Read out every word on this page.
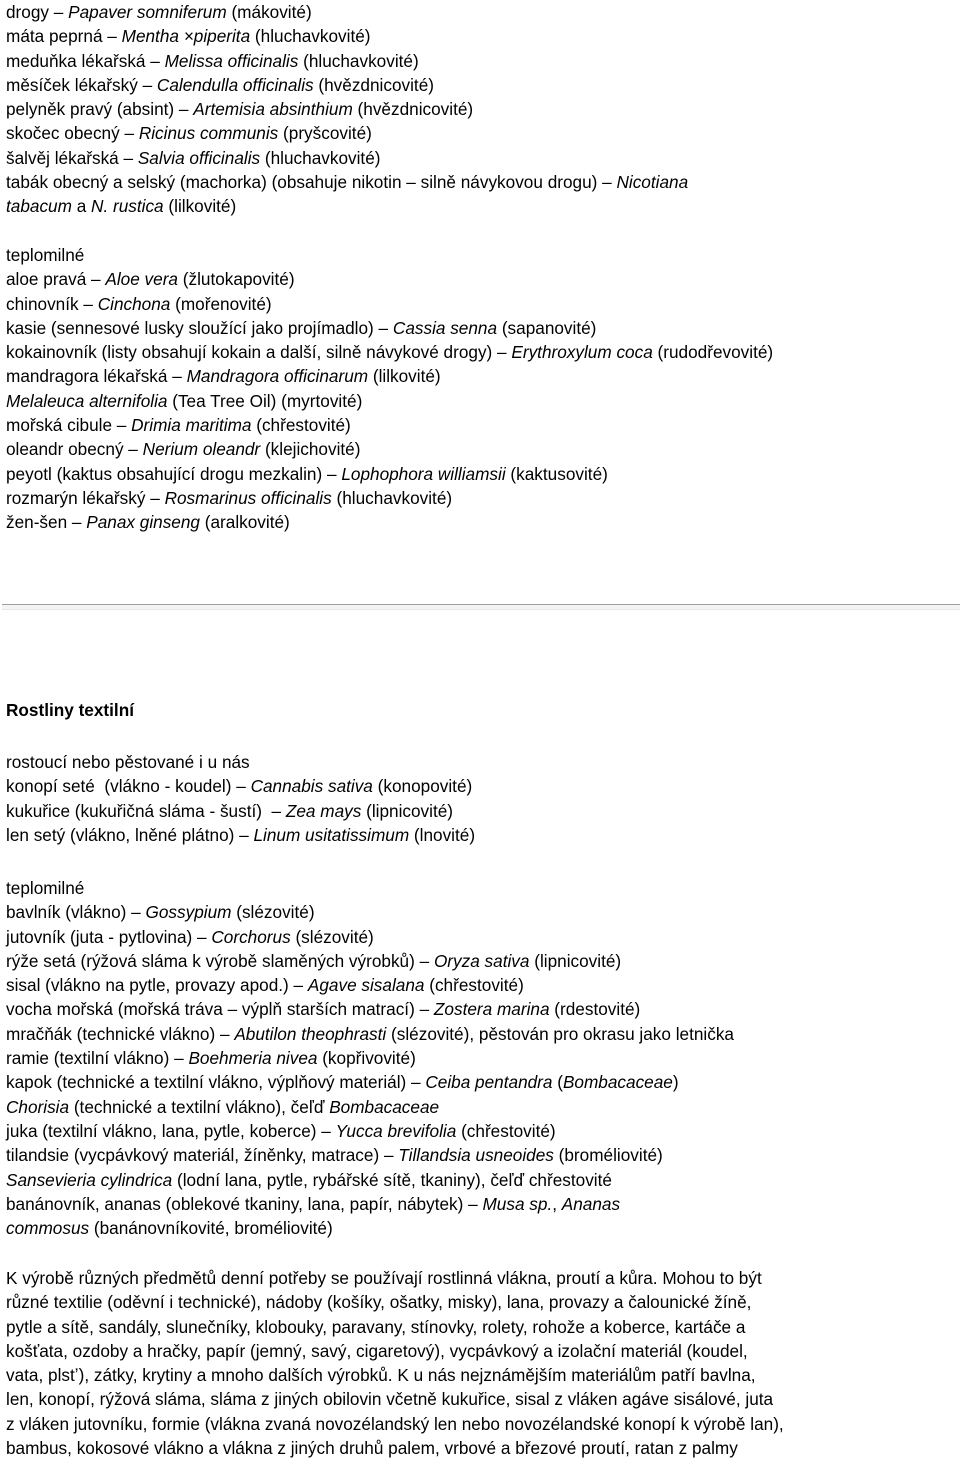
drogy – Papaver somniferum (mákovité)
máta peprná – Mentha ×piperita (hluchavkovité)
meduňka lékařská – Melissa officinalis (hluchavkovité)
měsíček lékařský – Calendulla officinalis (hvězdnicovité)
pelyněk pravý (absint) – Artemisia absinthium (hvězdnicovité)
skočec obecný – Ricinus communis (pryšcovité)
šalvěj lékařská – Salvia officinalis (hluchavkovité)
tabák obecný a selský (machorka) (obsahuje nikotin – silně návykovou drogu) – Nicotiana
tabacum a N. rustica (lilkovité)
teplomilné
aloe pravá – Aloe vera (žlutokapovité)
chinovník – Cinchona (mořenovité)
kasie (sennesové lusky sloužící jako projímadlo) – Cassia senna (sapanovité)
kokainovník (listy obsahují kokain a další, silně návykové drogy) – Erythroxylum coca (rudodřevovité)
mandragora lékařská – Mandragora officinarum (lilkovité)
Melaleuca alternifolia (Tea Tree Oil) (myrtovité)
mořská cibule – Drimia maritima (chřestovité)
oleandr obecný – Nerium oleandr (klejichovité)
peyotl (kaktus obsahující drogu mezkalin) – Lophophora williamsii (kaktusovité)
rozmarýn lékařský – Rosmarinus officinalis (hluchavkovité)
žen-šen – Panax ginseng (aralkovité)
Rostliny textilní
rostoucí nebo pěstované i u nás
konopí seté  (vlákno - koudel) – Cannabis sativa (konopovité)
kukuřice (kukuřičná sláma - šustí)  – Zea mays (lipnicovité)
len setý (vlákno, lněné plátno) – Linum usitatissimum (lnovité)
teplomilné
bavlník (vlákno) – Gossypium (slézovité)
jutovník (juta - pytlovina) – Corchorus (slézovité)
rýže setá (rýžová sláma k výrobě slaměných výrobků) – Oryza sativa (lipnicovité)
sisal (vlákno na pytle, provazy apod.) – Agave sisalana (chřestovité)
vocha mořská (mořská tráva – výplň starších matrací) – Zostera marina (rdestovité)
mračňák (technické vlákno) – Abutilon theophrasti (slézovité), pěstován pro okrasu jako letnička
ramie (textilní vlákno) – Boehmeria nivea (kopřivovité)
kapok (technické a textilní vlákno, výplňový materiál) – Ceiba pentandra (Bombacaceae)
Chorisia (technické a textilní vlákno), čeľď Bombacaceae
juka (textilní vlákno, lana, pytle, koberce) – Yucca brevifolia (chřestovité)
tilandsie (vycpávkový materiál, žíněnky, matrace) – Tillandsia usneoides (broméliovité)
Sansevieria cylindrica (lodní lana, pytle, rybářské sítě, tkaniny), čeľď chřestovité
banánovník, ananas (oblekové tkaniny, lana, papír, nábytek) – Musa sp., Ananas
commosus (banánovníkovité, broméliovité)
K výrobě různých předmětů denní potřeby se používají rostlinná vlákna, proutí a kůra. Mohou to být
různé textilie (oděvní i technické), nádoby (košíky, ošatky, misky), lana, provazy a čalounické žíně,
pytle a sítě, sandály, slunečníky, klobouky, paravany, stínovky, rolety, rohože a koberce, kartáče a
košťata, ozdoby a hračky, papír (jemný, savý, cigaretový), vycpávkový a izolační materiál (koudel,
vata, plstʼ), zátky, krytiny a mnoho dalších výrobků. K u nás nejznámějším materiálům patří bavlna,
len, konopí, rýžová sláma, sláma z jiných obilovin včetně kukuřice, sisal z vláken agáve sisálové, juta
z vláken jutovníku, formie (vlákna zvaná novozélandský len nebo novozélandské konopí k výrobě lan),
bambus, kokosové vlákno a vlákna z jiných druhů palem, vrbové a březové proutí, ratan z palmy
